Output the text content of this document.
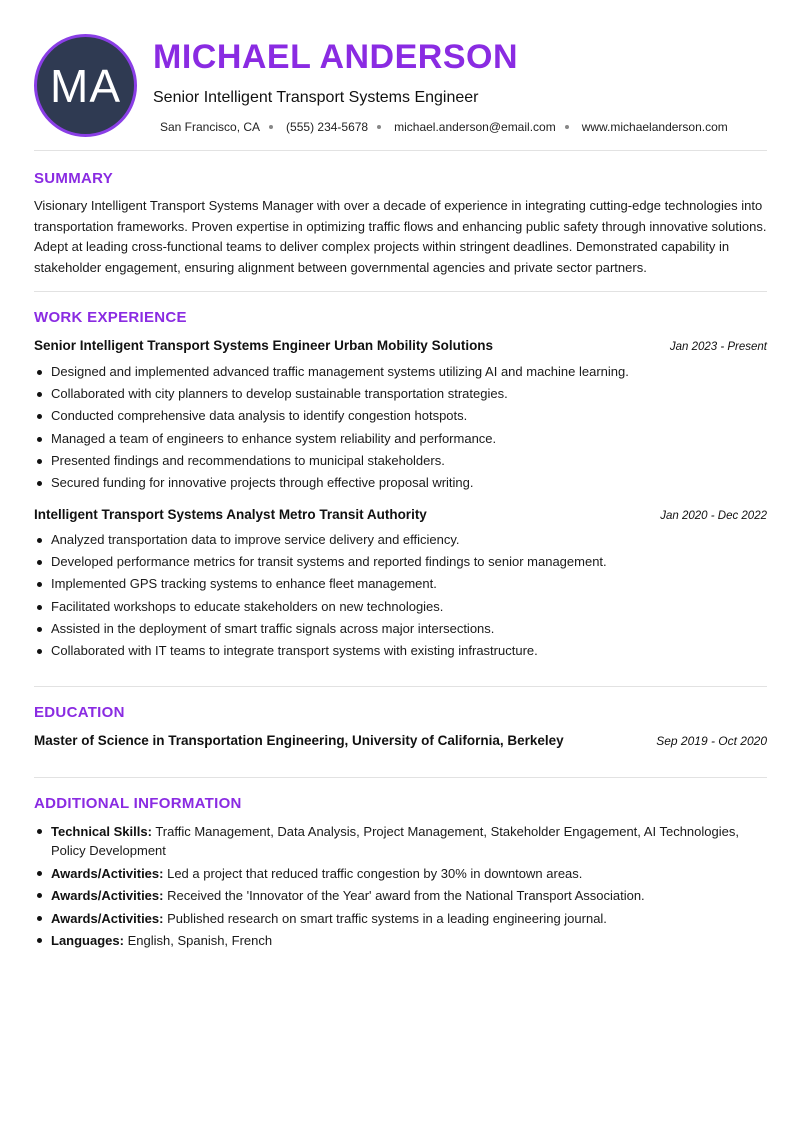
MA
MICHAEL ANDERSON
Senior Intelligent Transport Systems Engineer
San Francisco, CA (555) 234-5678 michael.anderson@email.com www.michaelanderson.com
SUMMARY
Visionary Intelligent Transport Systems Manager with over a decade of experience in integrating cutting-edge technologies into transportation frameworks. Proven expertise in optimizing traffic flows and enhancing public safety through innovative solutions. Adept at leading cross-functional teams to deliver complex projects within stringent deadlines. Demonstrated capability in stakeholder engagement, ensuring alignment between governmental agencies and private sector partners.
WORK EXPERIENCE
Senior Intelligent Transport Systems Engineer Urban Mobility Solutions	Jan 2023 - Present
Designed and implemented advanced traffic management systems utilizing AI and machine learning.
Collaborated with city planners to develop sustainable transportation strategies.
Conducted comprehensive data analysis to identify congestion hotspots.
Managed a team of engineers to enhance system reliability and performance.
Presented findings and recommendations to municipal stakeholders.
Secured funding for innovative projects through effective proposal writing.
Intelligent Transport Systems Analyst Metro Transit Authority	Jan 2020 - Dec 2022
Analyzed transportation data to improve service delivery and efficiency.
Developed performance metrics for transit systems and reported findings to senior management.
Implemented GPS tracking systems to enhance fleet management.
Facilitated workshops to educate stakeholders on new technologies.
Assisted in the deployment of smart traffic signals across major intersections.
Collaborated with IT teams to integrate transport systems with existing infrastructure.
EDUCATION
Master of Science in Transportation Engineering, University of California, Berkeley	Sep 2019 - Oct 2020
ADDITIONAL INFORMATION
Technical Skills: Traffic Management, Data Analysis, Project Management, Stakeholder Engagement, AI Technologies, Policy Development
Awards/Activities: Led a project that reduced traffic congestion by 30% in downtown areas.
Awards/Activities: Received the 'Innovator of the Year' award from the National Transport Association.
Awards/Activities: Published research on smart traffic systems in a leading engineering journal.
Languages: English, Spanish, French
